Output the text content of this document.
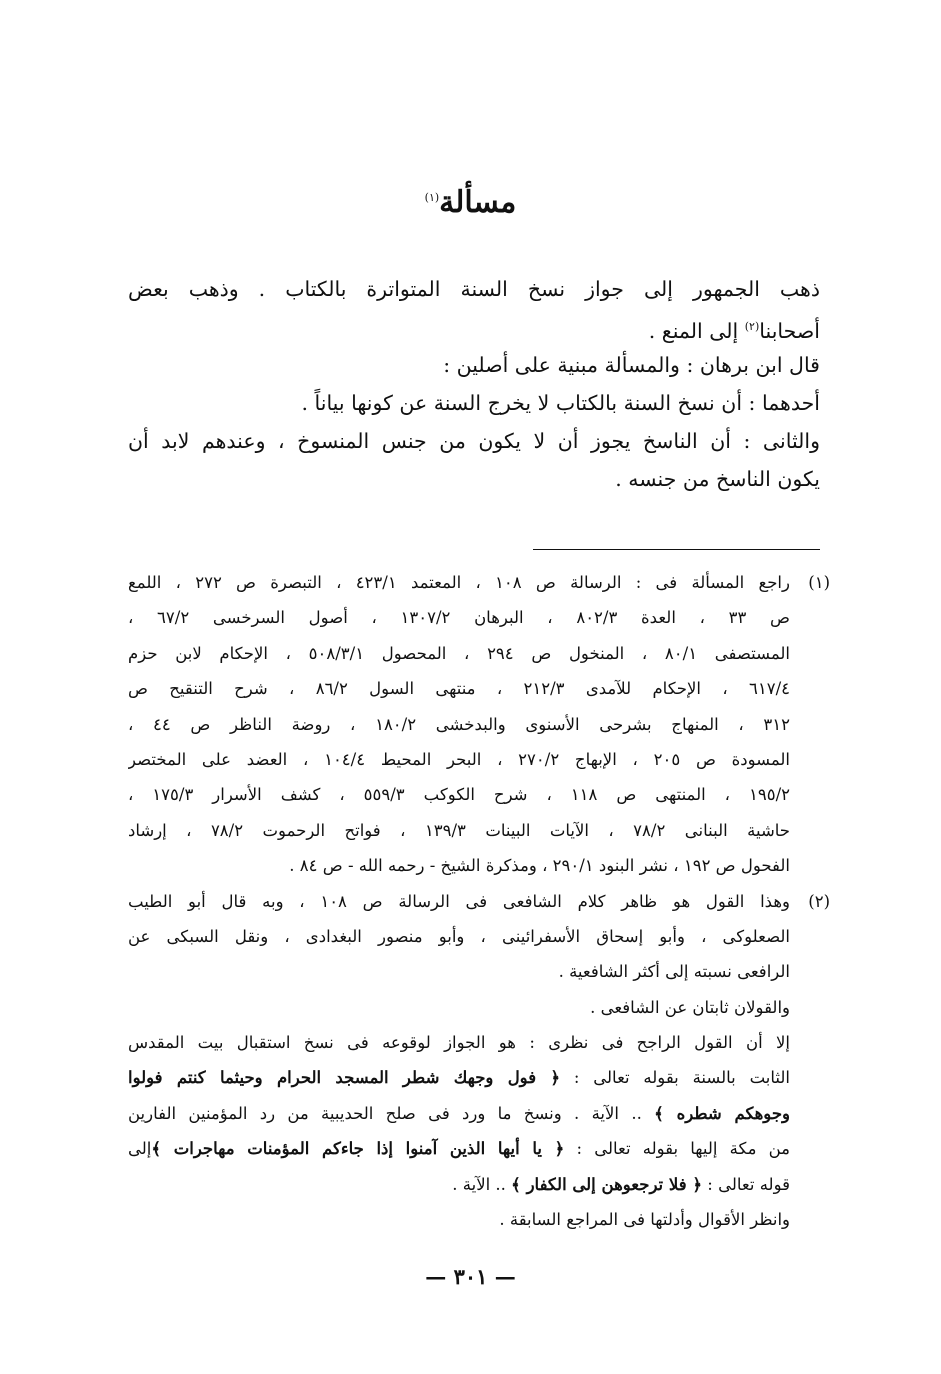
مسألة$^{(١)}$
ذهب الجمهور إلى جواز نسخ السنة المتواترة بالكتاب . وذهب بعض
أصحابنا$^{(٢)}$ إلى المنع .
قال ابن برهان : والمسألة مبنية على أصلين :
أحدهما : أن نسخ السنة بالكتاب لا يخرج السنة عن كونها بياناً .
والثانى : أن الناسخ يجوز أن لا يكون من جنس المنسوخ ، وعندهم لابد أن
يكون الناسخ من جنسه .
(١)
راجع المسألة فى : الرسالة ص ١٠٨ ، المعتمد ٤٢٣/١ ، التبصرة ص ٢٧٢ ، اللمع
ص ٣٣ ، العدة ٨٠٢/٣ ، البرهان ١٣٠٧/٢ ، أصول السرخسى ٦٧/٢ ،
المستصفى ٨٠/١ ، المنخول ص ٢٩٤ ، المحصول ٥٠٨/٣/١ ، الإحكام لابن حزم
٦١٧/٤ ، الإحكام للآمدى ٢١٢/٣ ، منتهى السول ٨٦/٢ ، شرح التنقيح ص
٣١٢ ، المنهاج بشرحى الأسنوى والبدخشى ١٨٠/٢ ، روضة الناظر ص ٤٤ ،
المسودة ص ٢٠٥ ، الإبهاج ٢٧٠/٢ ، البحر المحيط ١٠٤/٤ ، العضد على المختصر
١٩٥/٢ ، المنتهى ص ١١٨ ، شرح الكوكب ٥٥٩/٣ ، كشف الأسرار ١٧٥/٣ ،
حاشية البنانى ٧٨/٢ ، الآيات البينات ١٣٩/٣ ، فواتح الرحموت ٧٨/٢ ، إرشاد
الفحول ص ١٩٢ ، نشر البنود ٢٩٠/١ ، ومذكرة الشيخ - رحمه الله - ص ٨٤ .
(٢)
وهذا القول هو ظاهر كلام الشافعى فى الرسالة ص ١٠٨ ، وبه قال أبو الطيب
الصعلوكى ، وأبو إسحاق الأسفرائينى ، وأبو منصور البغدادى ، ونقل السبكى عن
الرافعى نسبته إلى أكثر الشافعية .
والقولان ثابتان عن الشافعى .
إلا أن القول الراجح فى نظرى : هو الجواز لوقوعه فى نسخ استقبال بيت المقدس
الثابت بالسنة بقوله تعالى : ﴿ فول وجهك شطر المسجد الحرام وحيثما كنتم فولوا
وجوهكم شطره ﴾ .. الآية . ونسخ ما ورد فى صلح الحديبية من رد المؤمنين الفارين
من مكة إليها بقوله تعالى : ﴿ يا أيها الذين آمنوا إذا جاءكم المؤمنات مهاجرات ﴾إلى
قوله تعالى : ﴿ فلا ترجعوهن إلى الكفار ﴾ .. الآية .
وانظر الأقوال وأدلتها فى المراجع السابقة .
— ٣٠١ —
